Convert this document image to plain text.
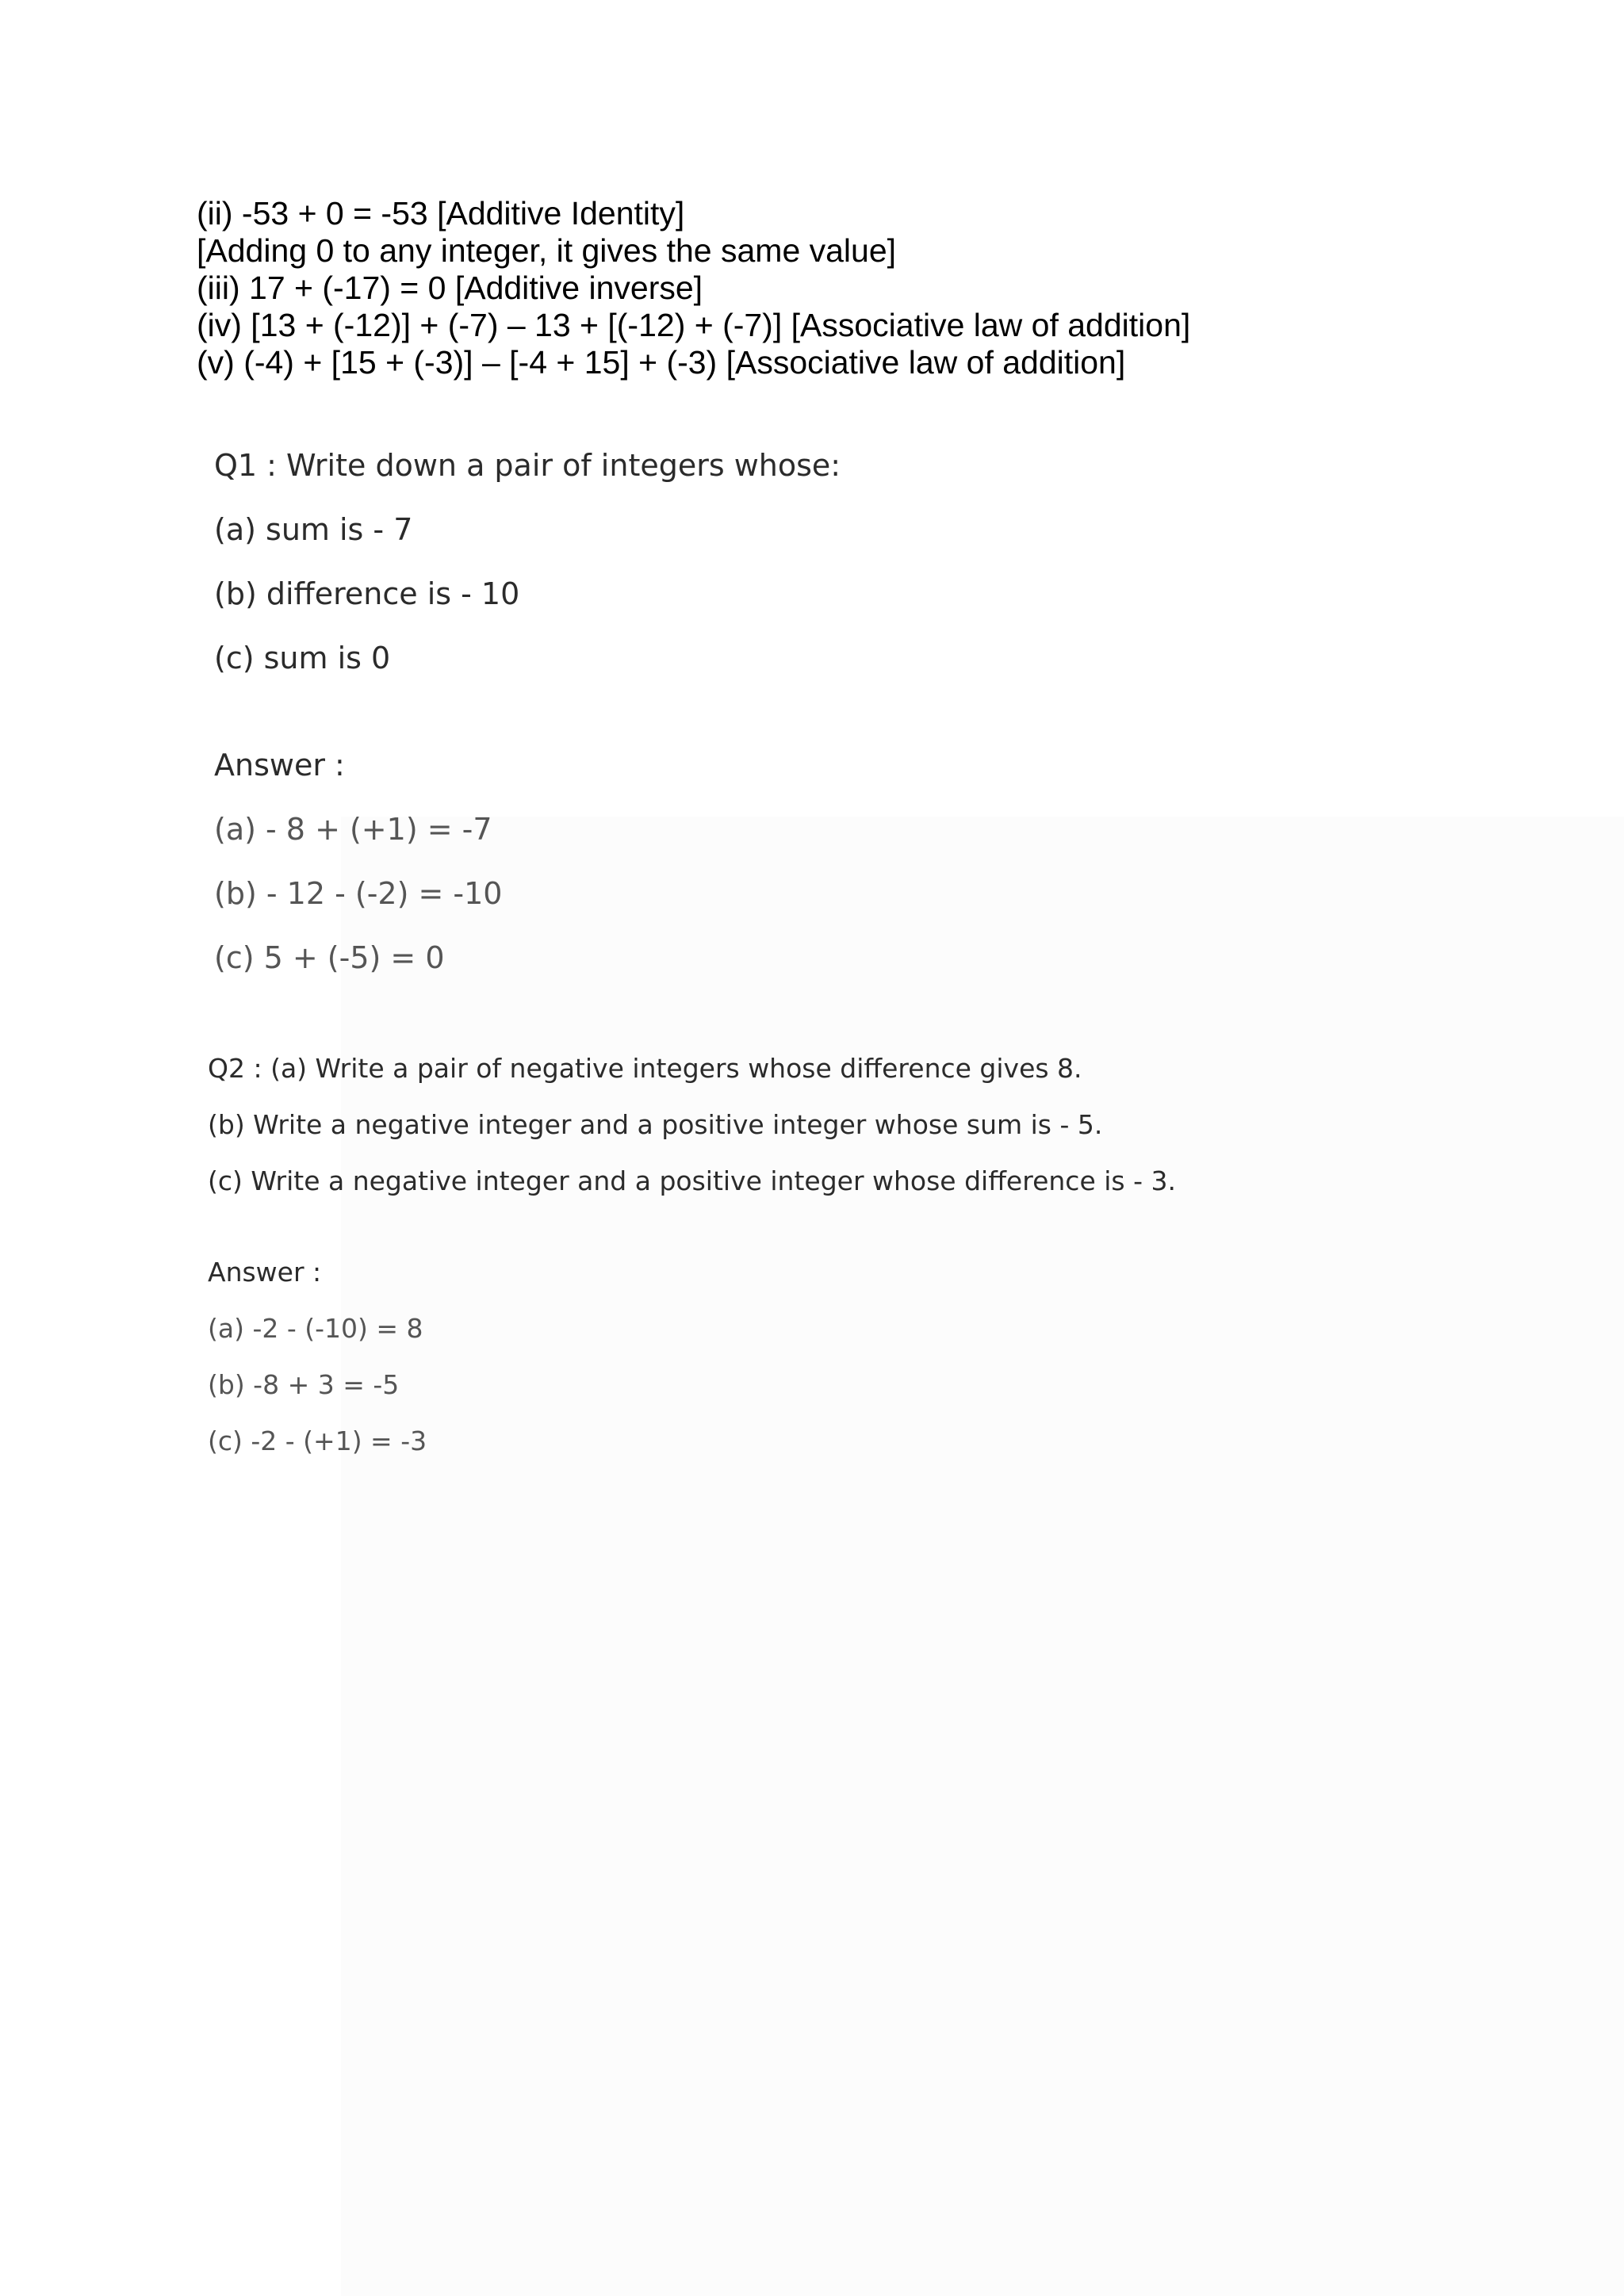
(ii) -53 + 0 = -53 [Additive Identity]
[Adding 0 to any integer, it gives the same value]
(iii) 17 + (-17) = 0 [Additive inverse]
(iv) [13 + (-12)] + (-7) – 13 + [(-12) + (-7)] [Associative law of addition]
(v) (-4) + [15 + (-3)] – [-4 + 15] + (-3) [Associative law of addition]
Q1 : Write down a pair of integers whose:
(a) sum is - 7
(b) difference is - 10
(c) sum is 0
Answer :
(a) - 8 + (+1) = -7
(b) - 12 - (-2) = -10
(c) 5 + (-5) = 0
Q2 : (a) Write a pair of negative integers whose difference gives 8.
(b) Write a negative integer and a positive integer whose sum is - 5.
(c) Write a negative integer and a positive integer whose difference is - 3.
Answer :
(a) -2 - (-10) = 8
(b) -8 + 3 = -5
(c) -2 - (+1) = -3
